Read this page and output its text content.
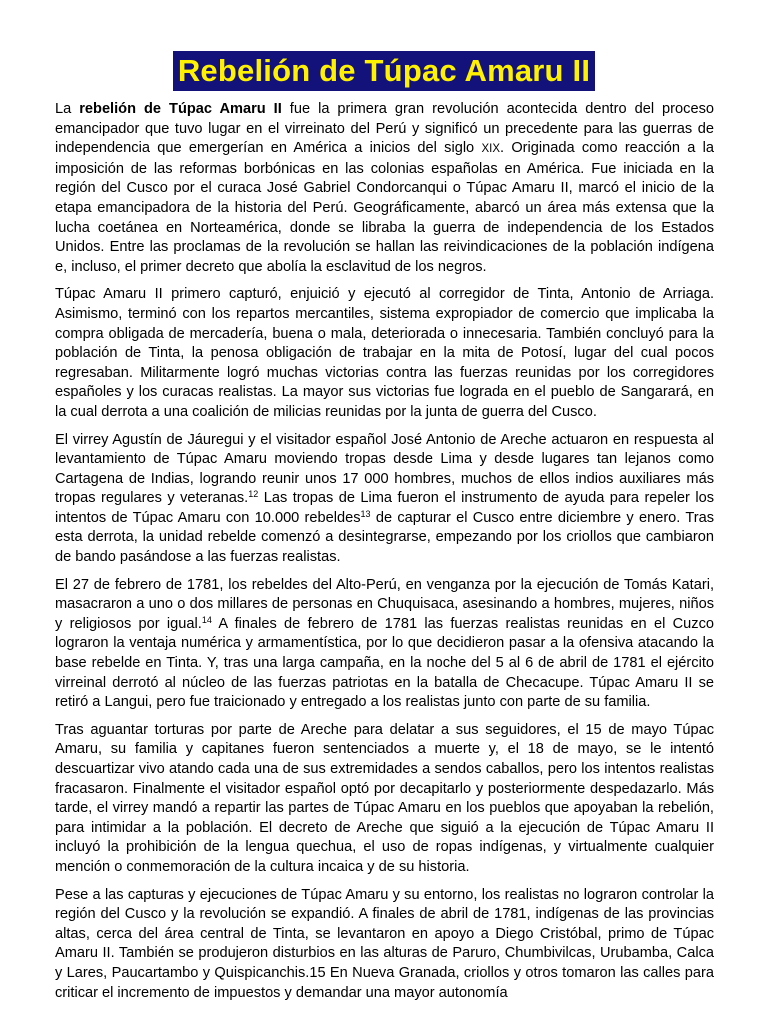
Rebelión de Túpac Amaru II

La rebelión de Túpac Amaru II fue la primera gran revolución acontecida dentro del proceso emancipador que tuvo lugar en el virreinato del Perú y significó un precedente para las guerras de independencia que emergerían en América a inicios del siglo XIX. Originada como reacción a la imposición de las reformas borbónicas en las colonias españolas en América. Fue iniciada en la región del Cusco por el curaca José Gabriel Condorcanqui o Túpac Amaru II, marcó el inicio de la etapa emancipadora de la historia del Perú. Geográficamente, abarcó un área más extensa que la lucha coetánea en Norteamérica, donde se libraba la guerra de independencia de los Estados Unidos. Entre las proclamas de la revolución se hallan las reivindicaciones de la población indígena e, incluso, el primer decreto que abolía la esclavitud de los negros.

Túpac Amaru II primero capturó, enjuició y ejecutó al corregidor de Tinta, Antonio de Arriaga. Asimismo, terminó con los repartos mercantiles, sistema expropiador de comercio que implicaba la compra obligada de mercadería, buena o mala, deteriorada o innecesaria. También concluyó para la población de Tinta, la penosa obligación de trabajar en la mita de Potosí, lugar del cual pocos regresaban. Militarmente logró muchas victorias contra las fuerzas reunidas por los corregidores españoles y los curacas realistas. La mayor sus victorias fue lograda en el pueblo de Sangarará, en la cual derrota a una coalición de milicias reunidas por la junta de guerra del Cusco.

El virrey Agustín de Jáuregui y el visitador español José Antonio de Areche actuaron en respuesta al levantamiento de Túpac Amaru moviendo tropas desde Lima y desde lugares tan lejanos como Cartagena de Indias, logrando reunir unos 17 000 hombres, muchos de ellos indios auxiliares más tropas regulares y veteranas.$^{12}$ Las tropas de Lima fueron el instrumento de ayuda para repeler los intentos de Túpac Amaru con 10.000 rebeldes$^{13}$ de capturar el Cusco entre diciembre y enero. Tras esta derrota, la unidad rebelde comenzó a desintegrarse, empezando por los criollos que cambiaron de bando pasándose a las fuerzas realistas.

El 27 de febrero de 1781, los rebeldes del Alto-Perú, en venganza por la ejecución de Tomás Katari, masacraron a uno o dos millares de personas en Chuquisaca, asesinando a hombres, mujeres, niños y religiosos por igual.$^{14}$ A finales de febrero de 1781 las fuerzas realistas reunidas en el Cuzco lograron la ventaja numérica y armamentística, por lo que decidieron pasar a la ofensiva atacando la base rebelde en Tinta. Y, tras una larga campaña, en la noche del 5 al 6 de abril de 1781 el ejército virreinal derrotó al núcleo de las fuerzas patriotas en la batalla de Checacupe. Túpac Amaru II se retiró a Langui, pero fue traicionado y entregado a los realistas junto con parte de su familia.

Tras aguantar torturas por parte de Areche para delatar a sus seguidores, el 15 de mayo Túpac Amaru, su familia y capitanes fueron sentenciados a muerte y, el 18 de mayo, se le intentó descuartizar vivo atando cada una de sus extremidades a sendos caballos, pero los intentos realistas fracasaron. Finalmente el visitador español optó por decapitarlo y posteriormente despedazarlo. Más tarde, el virrey mandó a repartir las partes de Túpac Amaru en los pueblos que apoyaban la rebelión, para intimidar a la población. El decreto de Areche que siguió a la ejecución de Túpac Amaru II incluyó la prohibición de la lengua quechua, el uso de ropas indígenas, y virtualmente cualquier mención o conmemoración de la cultura incaica y de su historia.

Pese a las capturas y ejecuciones de Túpac Amaru y su entorno, los realistas no lograron controlar la región del Cusco y la revolución se expandió. A finales de abril de 1781, indígenas de las provincias altas, cerca del área central de Tinta, se levantaron en apoyo a Diego Cristóbal, primo de Túpac Amaru II. También se produjeron disturbios en las alturas de Paruro, Chumbivilcas, Urubamba, Calca y Lares, Paucartambo y Quispicanchis.15 En Nueva Granada, criollos y otros tomaron las calles para criticar el incremento de impuestos y demandar una mayor autonomía
